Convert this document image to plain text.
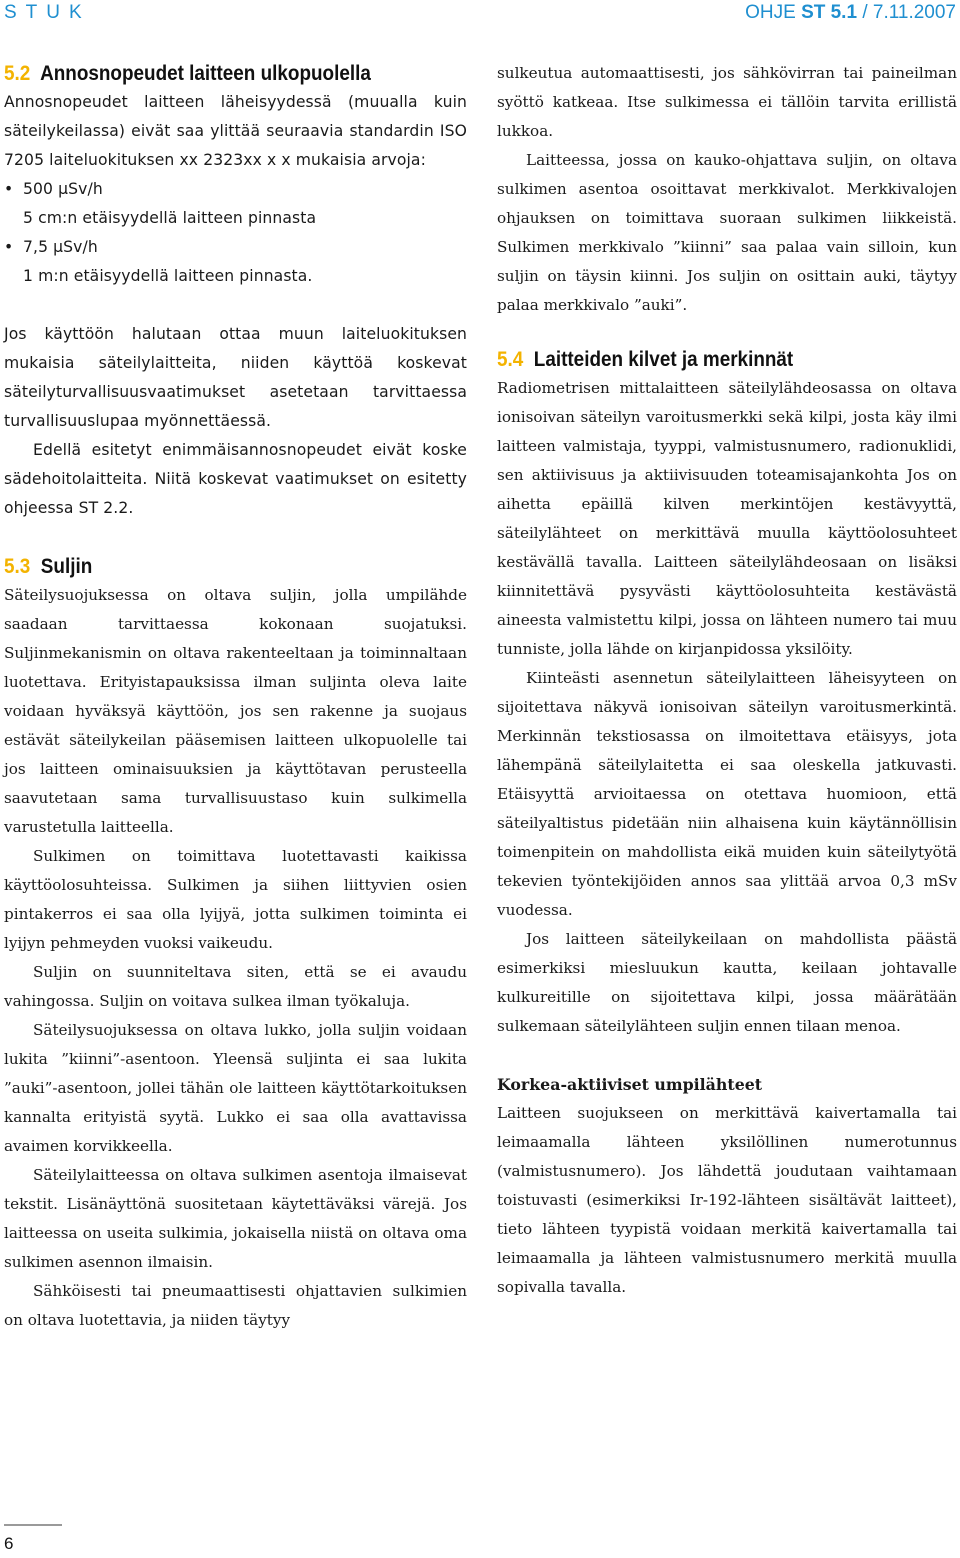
STUK	OHJE ST 5.1 / 7.11.2007
5.2 Annosnopeudet laitteen ulkopuolella

Annosnopeudet laitteen läheisyydessä (muualla kuin säteilykeilassa) eivät saa ylittää seuraavia standardin ISO 7205 laiteluokituksen xx 2323xx x x mukaisia arvoja:

• 500 µSv/h

5 cm:n etäisyydellä laitteen pinnasta

• 7,5 µSv/h

1 m:n etäisyydellä laitteen pinnasta.

Jos käyttöön halutaan ottaa muun laiteluokituksen mukaisia säteilylaitteita, niiden käyttöä koskevat säteilyturvallisuusvaatimukset asetetaan tarvittaessa turvallisuuslupaa myönnettäessä.

Edellä esitetyt enimmäisannosnopeudet eivät koske sädehoitolaitteita. Niitä koskevat vaatimukset on esitetty ohjeessa ST 2.2.

5.3 Suljin

Säteilysuojuksessa on oltava suljin, jolla umpilähde saadaan tarvittaessa kokonaan suojatuksi. Suljinmekanismin on oltava rakenteeltaan ja toiminnaltaan luotettava. Erityistapauksissa ilman suljinta oleva laite voidaan hyväksyä käyttöön, jos sen rakenne ja suojaus estävät säteilykeilan pääsemisen laitteen ulkopuolelle tai jos laitteen ominaisuuksien ja käyttötavan perusteella saavutetaan sama turvallisuustaso kuin sulkimella varustetulla laitteella.

Sulkimen on toimittava luotettavasti kaikissa käyttöolosuhteissa. Sulkimen ja siihen liittyvien osien pintakerros ei saa olla lyijyä, jotta sulkimen toiminta ei lyijyn pehmeyden vuoksi vaikeudu.

Suljin on suunniteltava siten, että se ei avaudu vahingossa. Suljin on voitava sulkea ilman työkaluja.

Säteilysuojuksessa on oltava lukko, jolla suljin voidaan lukita ”kiinni”-asentoon. Yleensä suljinta ei saa lukita ”auki”-asentoon, jollei tähän ole laitteen käyttötarkoituksen kannalta erityistä syytä. Lukko ei saa olla avattavissa avaimen korvikkeella.

Säteilylaitteessa on oltava sulkimen asentoja ilmaisevat tekstit. Lisänäyttönä suositetaan käytettäväksi värejä. Jos laitteessa on useita sulkimia, jokaisella niistä on oltava oma sulkimen asennon ilmaisin.

Sähköisesti tai pneumaattisesti ohjattavien sulkimien on oltava luotettavia, ja niiden täytyy

sulkeutua automaattisesti, jos sähkövirran tai paineilman syöttö katkeaa. Itse sulkimessa ei tällöin tarvita erillistä lukkoa.

Laitteessa, jossa on kauko-ohjattava suljin, on oltava sulkimen asentoa osoittavat merkkivalot. Merkkivalojen ohjauksen on toimittava suoraan sulkimen liikkeistä. Sulkimen merkkivalo ”kiinni” saa palaa vain silloin, kun suljin on täysin kiinni. Jos suljin on osittain auki, täytyy palaa merkkivalo ”auki”.

5.4 Laitteiden kilvet ja merkinnät

Radiometrisen mittalaitteen säteilylähdeosassa on oltava ionisoivan säteilyn varoitusmerkki sekä kilpi, josta käy ilmi laitteen valmistaja, tyyppi, valmistusnumero, radionuklidi, sen aktiivisuus ja aktiivisuuden toteamisajankohta Jos on aihetta epäillä kilven merkintöjen kestävyyttä, säteilylähteet on merkittävä muulla käyttöolosuhteet kestävällä tavalla. Laitteen säteilylähdeosaan on lisäksi kiinnitettävä pysyvästi käyttöolosuhteita kestävästä aineesta valmistettu kilpi, jossa on lähteen numero tai muu tunniste, jolla lähde on kirjanpidossa yksilöity.

Kiinteästi asennetun säteilylaitteen läheisyyteen on sijoitettava näkyvä ionisoivan säteilyn varoitusmerkintä. Merkinnän tekstiosassa on ilmoitettava etäisyys, jota lähempänä säteilylaitetta ei saa oleskella jatkuvasti. Etäisyyttä arvioitaessa on otettava huomioon, että säteilyaltistus pidetään niin alhaisena kuin käytännöllisin toimenpitein on mahdollista eikä muiden kuin säteilytyötä tekevien työntekijöiden annos saa ylittää arvoa 0,3 mSv vuodessa.

Jos laitteen säteilykeilaan on mahdollista päästä esimerkiksi miesluukun kautta, keilaan johtavalle kulkureitille on sijoitettava kilpi, jossa määrätään sulkemaan säteilylähteen suljin ennen tilaan menoa.

Korkea-aktiiviset umpilähteet

Laitteen suojukseen on merkittävä kaivertamalla tai leimaamalla lähteen yksilöllinen numerotunnus (valmistusnumero). Jos lähdettä joudutaan vaihtamaan toistuvasti (esimerkiksi Ir-192-lähteen sisältävät laitteet), tieto lähteen tyypistä voidaan merkitä kaivertamalla tai leimaamalla ja lähteen valmistusnumero merkitä muulla sopivalla tavalla.

6
